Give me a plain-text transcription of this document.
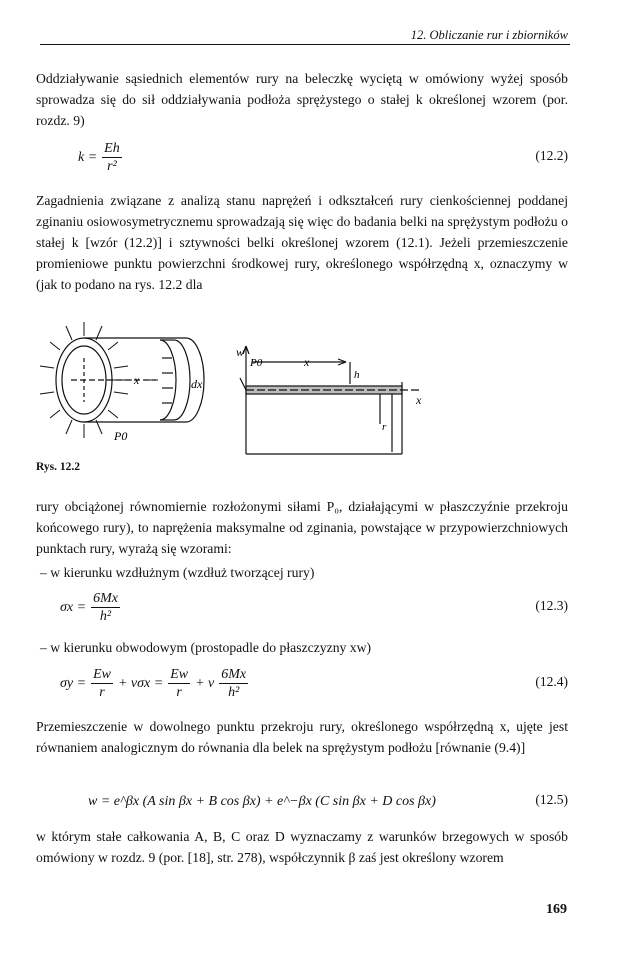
12. Obliczanie rur i zbiorników

Oddziaływanie sąsiednich elementów rury na beleczkę wyciętą w omówiony wyżej sposób sprowadza się do sił oddziaływania podłoża sprężystego o stałej k określonej wzorem (por. rozdz. 9)

$k = \frac{Eh}{\text{r²}}$	(12.2)

Zagadnienia związane z analizą stanu naprężeń i odkształceń rury cienkościennej poddanej zginaniu osiowosymetrycznemu sprowadzają się więc do badania belki na sprężystym podłożu o stałej k [wzór (12.2)] i sztywności belki określonej wzorem (12.1). Jeżeli przemieszczenie promieniowe punktu powierzchni środkowej rury, określonego współrzędną x, oznaczymy w (jak to podano na rys. 12.2 dla

x	dx
P0
w
P0	x
x
h
r
Rys. 12.2

rury obciążonej równomiernie rozłożonymi siłami P₀, działającymi w płaszczyźnie przekroju końcowego rury), to naprężenia maksymalne od zginania, powstające w przypowierzchniowych punktach rury, wyrażą się wzorami:

– w kierunku wzdłużnym (wzdłuż tworzącej rury)
$\sigma x = \frac{6Mx}{\text{h²}}$	(12.3)
– w kierunku obwodowym (prostopadle do płaszczyzny xw)
$\sigma y = \frac{Ew}{r} + \nu\sigma x = \frac{Ew}{r} + \nu \frac{6Mx}{\text{h²}}$	(12.4)

Przemieszczenie w dowolnego punktu przekroju rury, określonego współrzędną x, ujęte jest równaniem analogicznym do równania dla belek na sprężystym podłożu [równanie (9.4)]

w = e^βx (A sin βx + B cos βx) + e^−βx (C sin βx + D cos βx)	(12.5)

w którym stałe całkowania A, B, C oraz D wyznaczamy z warunków brzegowych w sposób omówiony w rozdz. 9 (por. [18], str. 278), współczynnik β zaś jest określony wzorem

169
